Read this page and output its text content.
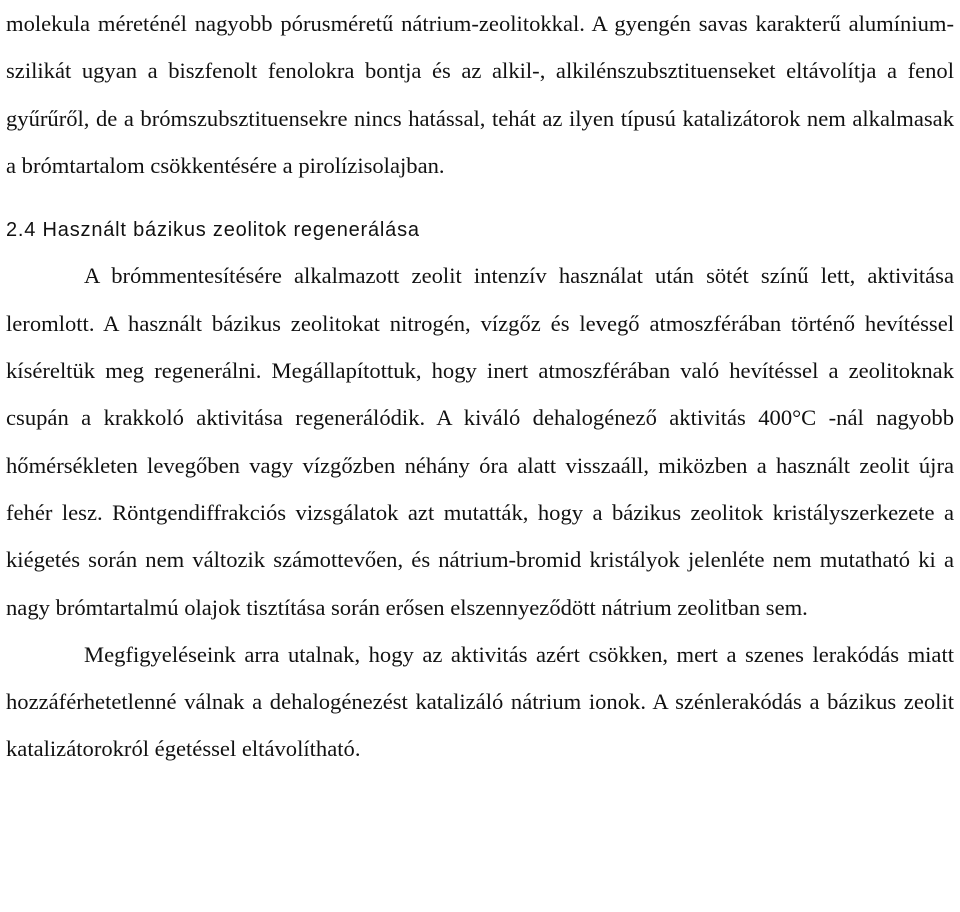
molekula méreténél nagyobb pórusméretű nátrium-zeolitokkal. A gyengén savas karakterű alumínium-szilikát ugyan a biszfenolt fenolokra bontja és az alkil-, alkilénszubsztituenseket eltávolítja a fenol gyűrűről, de a brómszubsztituensekre nincs hatással, tehát az ilyen típusú katalizátorok nem alkalmasak a brómtartalom csökkentésére a pirolízisolajban.

2.4 Használt bázikus zeolitok regenerálása

A brómmentesítésére alkalmazott zeolit intenzív használat után sötét színű lett, aktivitása leromlott. A használt bázikus zeolitokat nitrogén, vízgőz és levegő atmoszférában történő hevítéssel kíséreltük meg regenerálni. Megállapítottuk, hogy inert atmoszférában való hevítéssel a zeolitoknak csupán a krakkoló aktivitása regenerálódik. A kiváló dehalogénező aktivitás 400°C -nál nagyobb hőmérsékleten levegőben vagy vízgőzben néhány óra alatt visszaáll, miközben a használt zeolit újra fehér lesz. Röntgendiffrakciós vizsgálatok azt mutatták, hogy a bázikus zeolitok kristályszerkezete a kiégetés során nem változik számottevően, és nátrium-bromid kristályok jelenléte nem mutatható ki a nagy brómtartalmú olajok tisztítása során erősen elszennyeződött nátrium zeolitban sem.

Megfigyeléseink arra utalnak, hogy az aktivitás azért csökken, mert a szenes lerakódás miatt hozzáférhetetlenné válnak a dehalogénezést katalizáló nátrium ionok. A szénlerakódás a bázikus zeolit katalizátorokról égetéssel eltávolítható.
